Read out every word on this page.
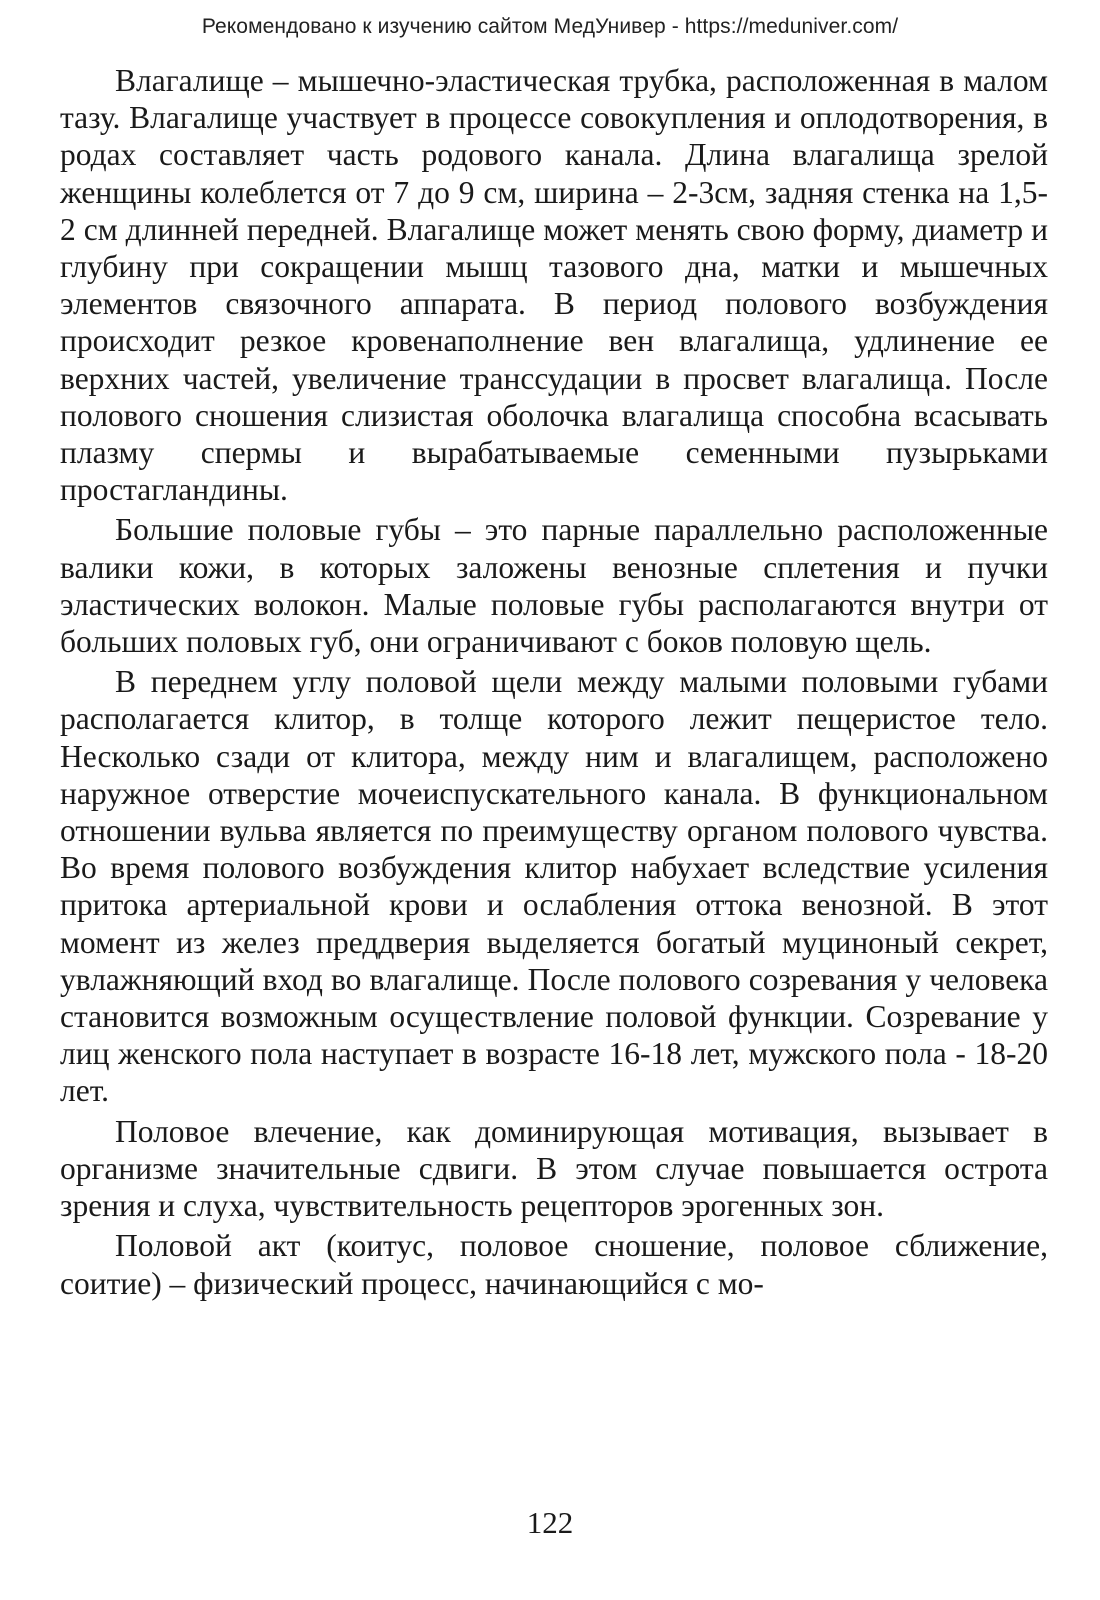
Рекомендовано к изучению сайтом МедУнивер - https://meduniver.com/

Влагалище – мышечно-эластическая трубка, расположенная в малом тазу. Влагалище участвует в процессе совокупления и оплодотворения, в родах составляет часть родового канала. Длина влагалища зрелой женщины колеблется от 7 до 9 см, ширина – 2-3см, задняя стенка на 1,5-2 см длинней передней. Влагалище может менять свою форму, диаметр и глубину при сокращении мышц тазового дна, матки и мышечных элементов связочного аппарата. В период полового возбуждения происходит резкое кровенаполнение вен влагалища, удлинение ее верхних частей, увеличение транссудации в просвет влагалища. После полового сношения слизистая оболочка влагалища способна всасывать плазму спермы и вырабатываемые семенными пузырьками простагландины.

Большие половые губы – это парные параллельно расположенные валики кожи, в которых заложены венозные сплетения и пучки эластических волокон. Малые половые губы располагаются внутри от больших половых губ, они ограничивают с боков половую щель.

В переднем углу половой щели между малыми половыми губами располагается клитор, в толще которого лежит пещеристое тело. Несколько сзади от клитора, между ним и влагалищем, расположено наружное отверстие мочеиспускательного канала. В функциональном отношении вульва является по преимуществу органом полового чувства. Во время полового возбуждения клитор набухает вследствие усиления притока артериальной крови и ослабления оттока венозной. В этот момент из желез преддверия выделяется богатый муциноный секрет, увлажняющий вход во влагалище. После полового созревания у человека становится возможным осуществление половой функции. Созревание у лиц женского пола наступает в возрасте 16-18 лет, мужского пола - 18-20 лет.

Половое влечение, как доминирующая мотивация, вызывает в организме значительные сдвиги. В этом случае повышается острота зрения и слуха, чувствительность рецепторов эрогенных зон.

Половой акт (коитус, половое сношение, половое сближение, соитие) – физический процесс, начинающийся с мо-

122
